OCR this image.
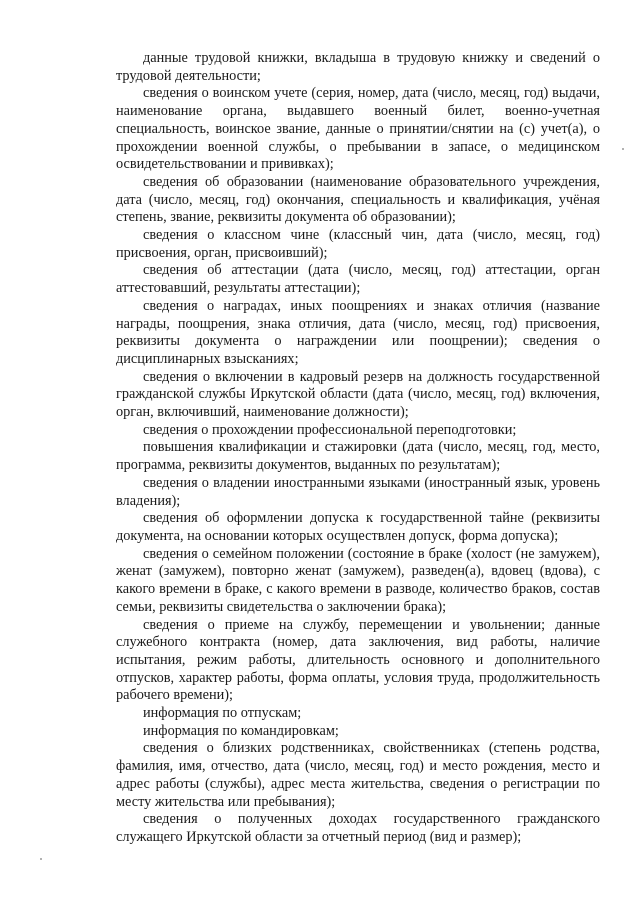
данные трудовой книжки, вкладыша в трудовую книжку и сведений о трудовой деятельности;

сведения о воинском учете (серия, номер, дата (число, месяц, год) выдачи, наименование органа, выдавшего военный билет, военно-учетная специальность, воинское звание, данные о принятии/снятии на (с) учет(а), о прохождении военной службы, о пребывании в запасе, о медицинском освидетельствовании и прививках);

сведения об образовании (наименование образовательного учреждения, дата (число, месяц, год) окончания, специальность и квалификация, учёная степень, звание, реквизиты документа об образовании);

сведения о классном чине (классный чин, дата (число, месяц, год) присвоения, орган, присвоивший);

сведения об аттестации (дата (число, месяц, год) аттестации, орган аттестовавший, результаты аттестации);

сведения о наградах, иных поощрениях и знаках отличия (название награды, поощрения, знака отличия, дата (число, месяц, год) присвоения, реквизиты документа о награждении или поощрении); сведения о дисциплинарных взысканиях;

сведения о включении в кадровый резерв на должность государственной гражданской службы Иркутской области (дата (число, месяц, год) включения, орган, включивший, наименование должности);

сведения о прохождении профессиональной переподготовки;

повышения квалификации и стажировки (дата (число, месяц, год, место, программа, реквизиты документов, выданных по результатам);

сведения о владении иностранными языками (иностранный язык, уровень владения);

сведения об оформлении допуска к государственной тайне (реквизиты документа, на основании которых осуществлен допуск, форма допуска);

сведения о семейном положении (состояние в браке (холост (не замужем), женат (замужем), повторно женат (замужем), разведен(а), вдовец (вдова), с какого времени в браке, с какого времени в разводе, количество браков, состав семьи, реквизиты свидетельства о заключении брака);

сведения о приеме на службу, перемещении и увольнении; данные служебного контракта (номер, дата заключения, вид работы, наличие испытания, режим работы, длительность основного и дополнительного отпусков, характер работы, форма оплаты, условия труда, продолжительность рабочего времени);

информация по отпускам;

информация по командировкам;

сведения о близких родственниках, свойственниках (степень родства, фамилия, имя, отчество, дата (число, месяц, год) и место рождения, место и адрес работы (службы), адрес места жительства, сведения о регистрации по месту жительства или пребывания);

сведения о полученных доходах государственного гражданского служащего Иркутской области за отчетный период (вид и размер);
